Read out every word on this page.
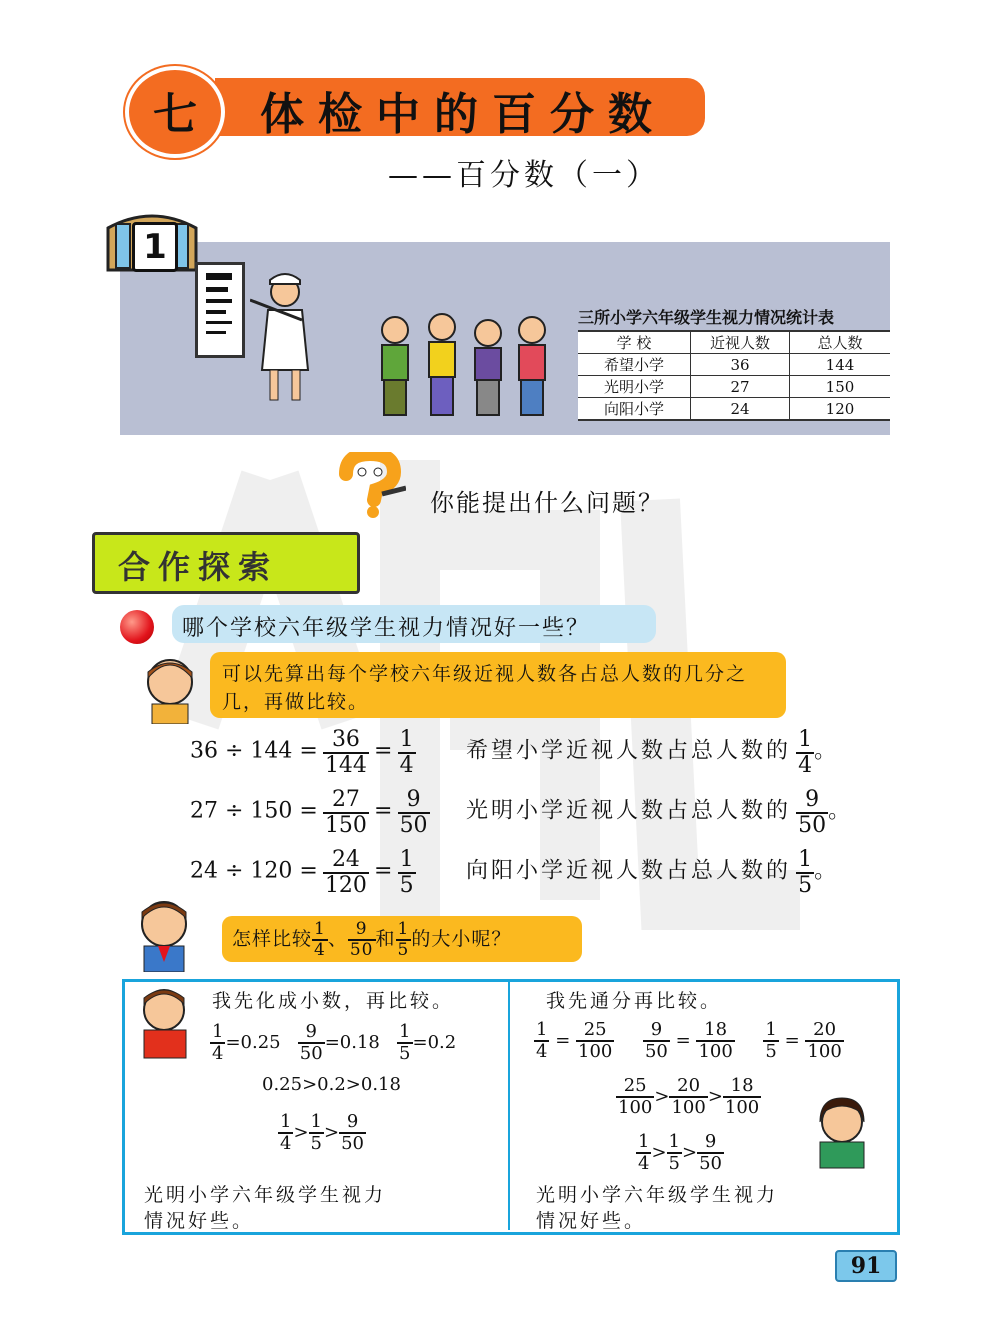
七	体检中的百分数
——百分数（一）
1
三所小学六年级学生视力情况统计表
学 校	近视人数	总人数
希望小学	36	144
光明小学	27	150
向阳小学	24	120
你能提出什么问题？
合作探索
哪个学校六年级学生视力情况好一些？
可以先算出每个学校六年级近视人数各占总人数的几分之几，再做比较。
$36 \div 144 = \frac{36}{144} = \frac{1}{4}$ 希望小学近视人数占总人数的 $\frac{1}{4}$ 。
$27 \div 150 = \frac{27}{150} = \frac{9}{50}$ 光明小学近视人数占总人数的 $\frac{9}{50}$ 。
$24 \div 120 = \frac{24}{120} = \frac{1}{5}$ 向阳小学近视人数占总人数的 $\frac{1}{5}$ 。
怎样比较 $\frac{1}{4}$ 、 $\frac{9}{50}$ 和 $\frac{1}{5}$ 的大小呢？
我先化成小数，再比较。
$\frac{1}{4} =0.25 \frac{9}{50} =0.18 \frac{1}{5} =0.2$
0.25>0.2>0.18
$\frac{1}{4} > \frac{1}{5} > \frac{9}{50}$
光明小学六年级学生视力
情况好些。
我先通分再比较。
$\frac{1}{4} = \frac{25}{100}$
$\frac{9}{50} = \frac{18}{100}$
$\frac{1}{5} = \frac{20}{100}$
$\frac{25}{100} > \frac{20}{100} > \frac{18}{100}$
$\frac{1}{4} > \frac{1}{5} > \frac{9}{50}$
光明小学六年级学生视力
情况好些。
91
